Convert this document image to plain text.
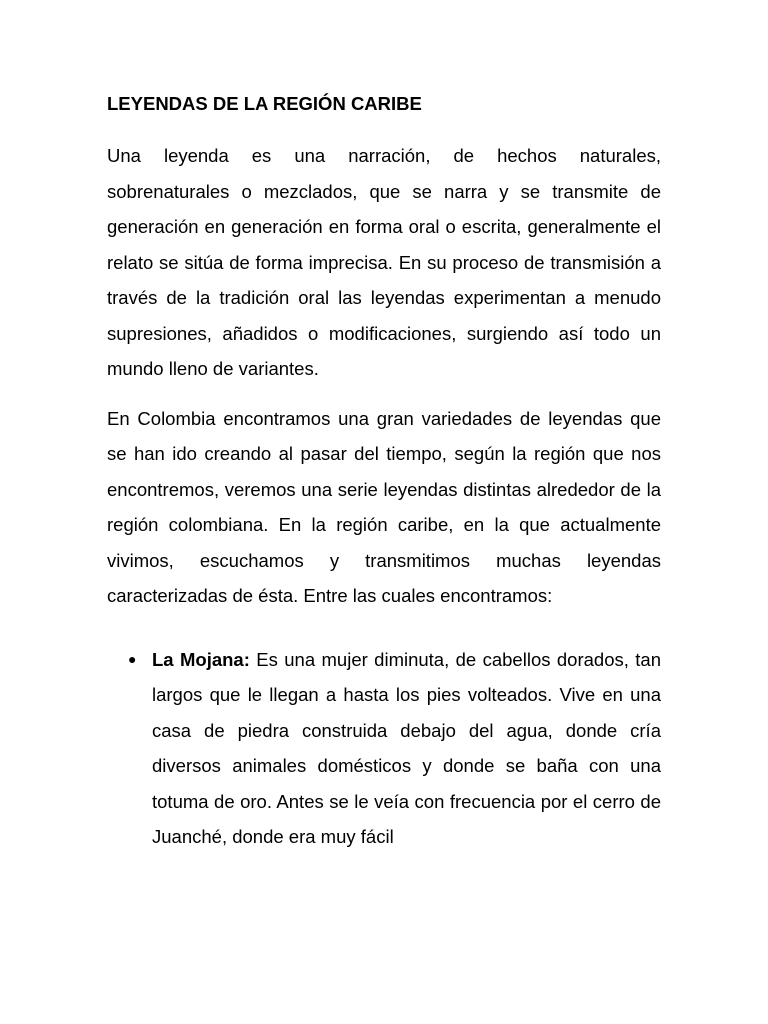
LEYENDAS DE LA REGIÓN CARIBE

Una leyenda es una narración, de hechos naturales, sobrenaturales o mezclados, que se narra y se transmite de generación en generación en forma oral o escrita, generalmente el relato se sitúa de forma imprecisa. En su proceso de transmisión a través de la tradición oral las leyendas experimentan a menudo supresiones, añadidos o modificaciones, surgiendo así todo un mundo lleno de variantes.

En Colombia encontramos una gran variedades de leyendas que se han ido creando al pasar del tiempo, según la región que nos encontremos, veremos una serie leyendas distintas alrededor de la región colombiana. En la región caribe, en la que actualmente vivimos, escuchamos y transmitimos muchas leyendas caracterizadas de ésta. Entre las cuales encontramos:

● La Mojana: Es una mujer diminuta, de cabellos dorados, tan largos que le llegan a hasta los pies volteados. Vive en una casa de piedra construida debajo del agua, donde cría diversos animales domésticos y donde se baña con una totuma de oro. Antes se le veía con frecuencia por el cerro de Juanché, donde era muy fácil
